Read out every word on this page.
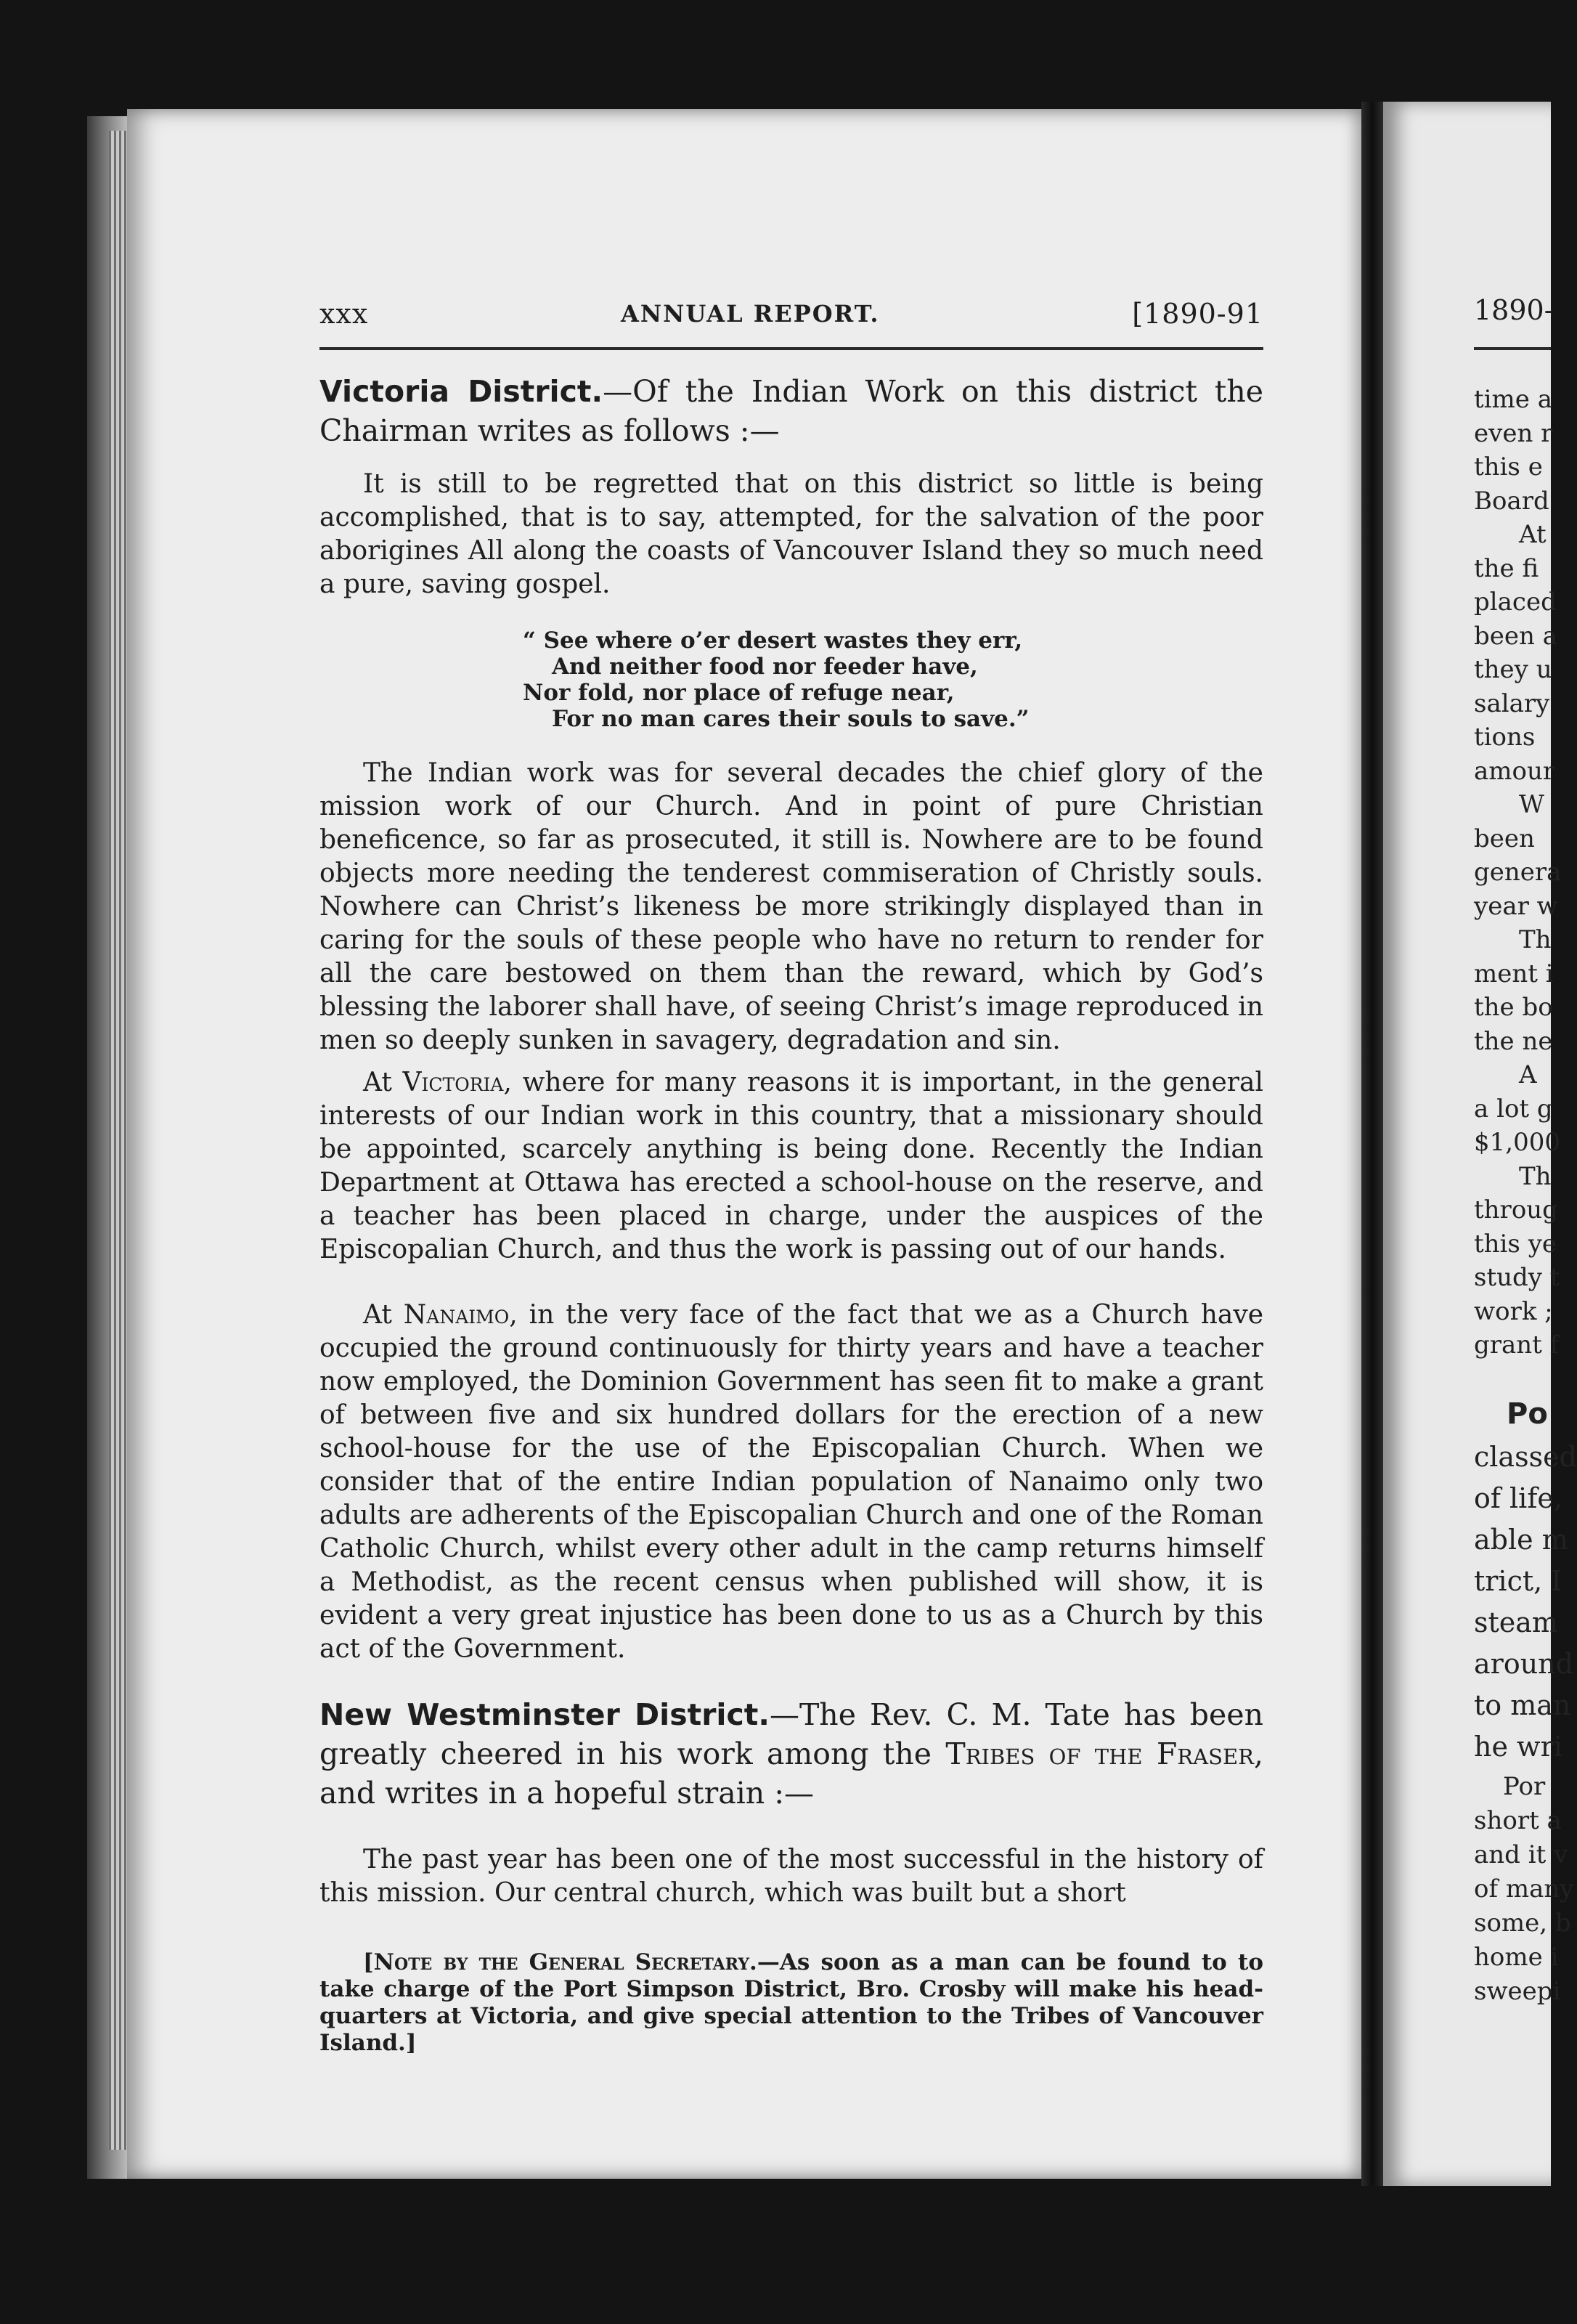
xxx	ANNUAL REPORT.	[1890-91
Victoria District.—Of the Indian Work on this district the Chairman writes as follows :—
It is still to be regretted that on this district so little is being accomplished, that is to say, attempted, for the salvation of the poor aborigines All along the coasts of Vancouver Island they so much need a pure, saving gospel.
“ See where o’er desert wastes they err,
And neither food nor feeder have,
Nor fold, nor place of refuge near,
For no man cares their souls to save.”
The Indian work was for several decades the chief glory of the mission work of our Church. And in point of pure Christian beneficence, so far as prosecuted, it still is. Nowhere are to be found objects more needing the tenderest commiseration of Christly souls. Nowhere can Christ’s likeness be more strikingly displayed than in caring for the souls of these people who have no return to render for all the care bestowed on them than the reward, which by God’s blessing the laborer shall have, of seeing Christ’s image reproduced in men so deeply sunken in savagery, degradation and sin.
At Victoria, where for many reasons it is important, in the general interests of our Indian work in this country, that a missionary should be appointed, scarcely anything is being done. Recently the Indian Department at Ottawa has erected a school-house on the reserve, and a teacher has been placed in charge, under the auspices of the Episcopalian Church, and thus the work is passing out of our hands.
At Nanaimo, in the very face of the fact that we as a Church have occupied the ground continuously for thirty years and have a teacher now employed, the Dominion Government has seen fit to make a grant of between five and six hundred dollars for the erection of a new school-house for the use of the Episcopalian Church. When we consider that of the entire Indian population of Nanaimo only two adults are adherents of the Episcopalian Church and one of the Roman Catholic Church, whilst every other adult in the camp returns himself a Methodist, as the recent census when published will show, it is evident a very great injustice has been done to us as a Church by this act of the Government.
New Westminster District.—The Rev. C. M. Tate has been greatly cheered in his work among the Tribes of the Fraser, and writes in a hopeful strain :—
The past year has been one of the most successful in the history of this mission. Our central church, which was built but a short
[Note by the General Secretary.—As soon as a man can be found to to take charge of the Port Simpson District, Bro. Crosby will make his head-quarters at Victoria, and give special attention to the Tribes of Vancouver Island.]
1890-
time a
even r
this e
Board
At
the fi
placed
been a
they u
salary
tions
amour
W
been
genera
year w
Th
ment i
the bo
the ne
A
a lot g
$1,000
Th
throug
this ye
study t
work ;
grant f
Po
classed
of life,
able m
trict, I
steam
around
to man
he wri
Por
short a
and it v
of many
some, b
home i
sweepi
